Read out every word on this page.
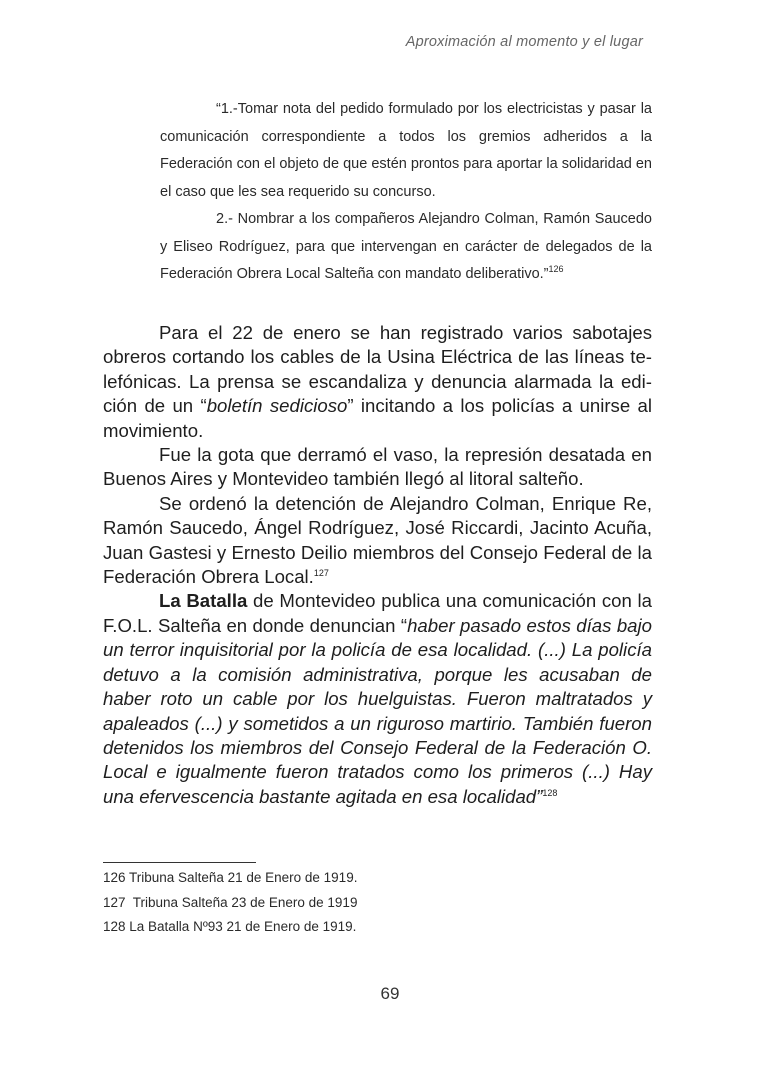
Aproximación al momento y el lugar

“1.-Tomar nota del pedido formulado por los electricistas y pasar la comunicación correspondiente a todos los gremios adheridos a la Federación con el objeto de que estén prontos para aportar la solidaridad en el caso que les sea requerido su concurso.

2.- Nombrar a los compañeros Alejandro Colman, Ramón Saucedo y Eliseo Rodríguez, para que intervengan en carácter de delegados de la Federación Obrera Local Salteña con mandato deliberativo.”$^{126}$

Para el 22 de enero se han registrado varios sabotajes obreros cortando los cables de la Usina Eléctrica de las líneas telefónicas. La prensa se escandaliza y denuncia alarmada la edición de un “boletín sedicioso” incitando a los policías a unirse al movimiento.

Fue la gota que derramó el vaso, la represión desatada en Buenos Aires y Montevideo también llegó al litoral salteño.

Se ordenó la detención de Alejandro Colman, Enrique Re, Ramón Saucedo, Ángel Rodríguez, José Riccardi, Jacinto Acuña, Juan Gastesi y Ernesto Deilio miembros del Consejo Federal de la Federación Obrera Local.$^{127}$

La Batalla de Montevideo publica una comunicación con la F.O.L. Salteña en donde denuncian “haber pasado estos días bajo un terror inquisitorial por la policía de esa localidad. (...) La policía detuvo a la comisión administrativa, porque les acusaban de haber roto un cable por los huelguistas. Fueron maltratados y apaleados (...) y sometidos a un riguroso martirio. También fueron detenidos los miembros del Consejo Federal de la Federación O. Local e igualmente fueron tratados como los primeros (...) Hay una efervescencia bastante agitada en esa localidad”$^{128}$

126 Tribuna Salteña 21 de Enero de 1919.
127  Tribuna Salteña 23 de Enero de 1919
128 La Batalla Nº93 21 de Enero de 1919.
69
